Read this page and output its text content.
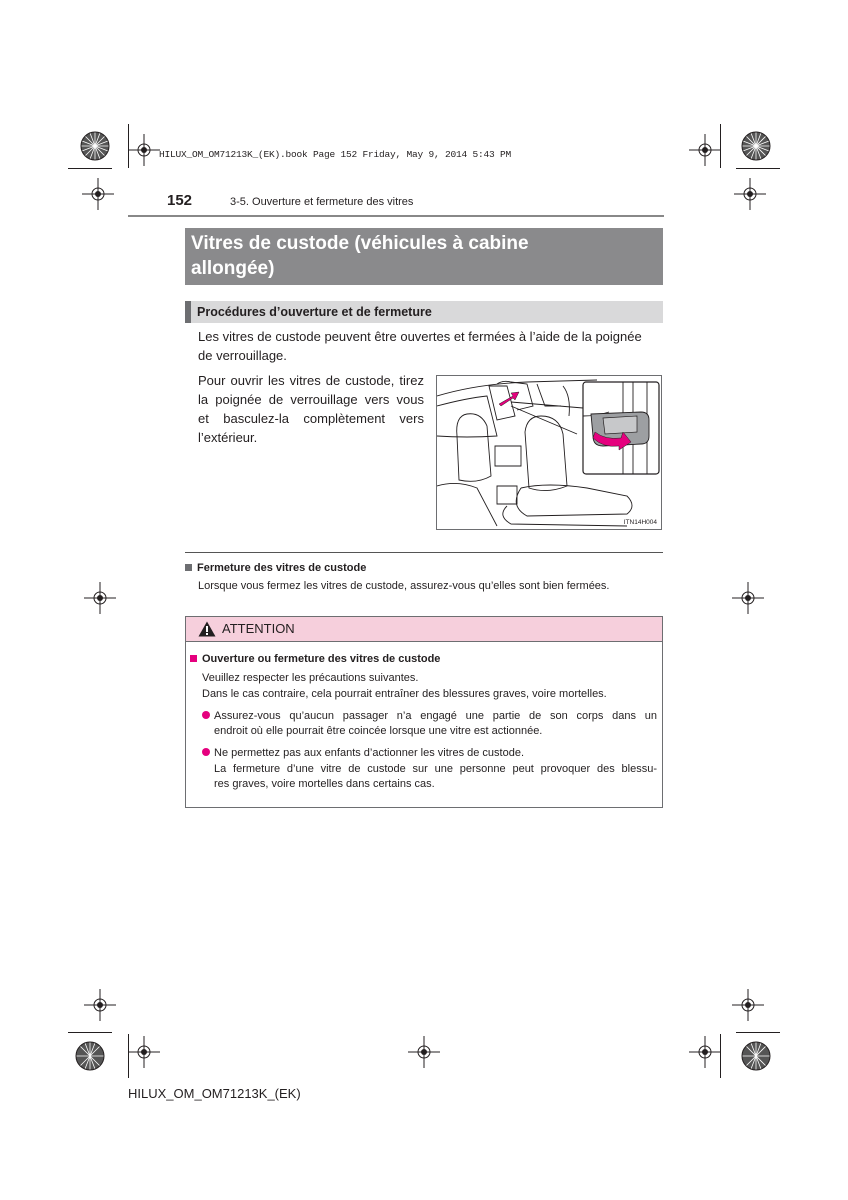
HILUX_OM_OM71213K_(EK).book Page 152 Friday, May 9, 2014 5:43 PM
152	3-5. Ouverture et fermeture des vitres
Vitres de custode (véhicules à cabine
allongée)
Procédures d’ouverture et de fermeture
Les vitres de custode peuvent être ouvertes et fermées à l’aide de la poignée
de verrouillage.
Pour ouvrir les vitres de custode, tirez
la poignée de verrouillage vers vous
et basculez-la complètement vers
l’extérieur.
ITN14H004
Fermeture des vitres de custode
Lorsque vous fermez les vitres de custode, assurez-vous qu’elles sont bien fermées.
ATTENTION
Ouverture ou fermeture des vitres de custode
Veuillez respecter les précautions suivantes.
Dans le cas contraire, cela pourrait entraîner des blessures graves, voire mortelles.
Assurez-vous qu’aucun passager n’a engagé une partie de son corps dans un
endroit où elle pourrait être coincée lorsque une vitre est actionnée.
Ne permettez pas aux enfants d’actionner les vitres de custode.
La fermeture d’une vitre de custode sur une personne peut provoquer des blessu-
res graves, voire mortelles dans certains cas.
HILUX_OM_OM71213K_(EK)
